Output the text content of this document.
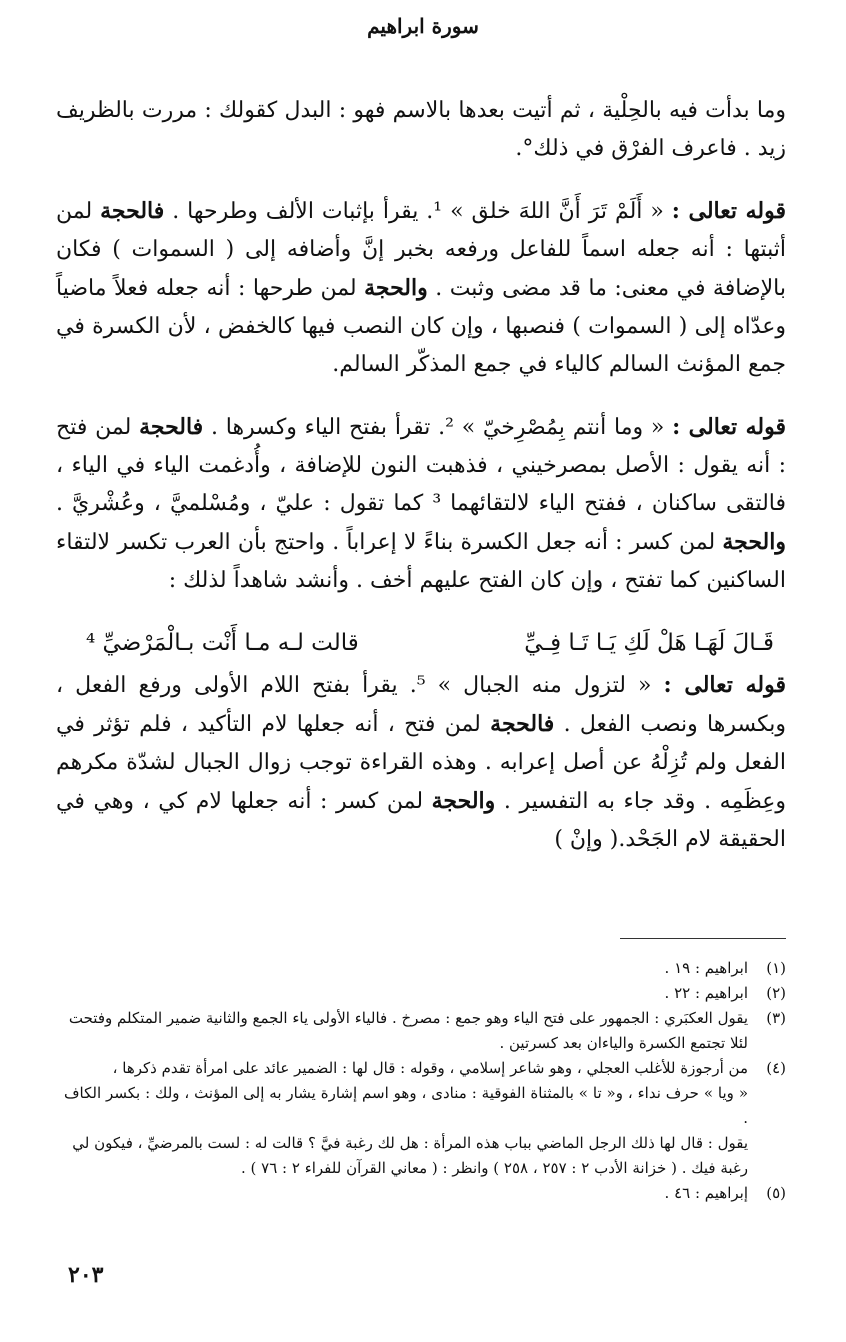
سورة ابراهيم

وما بدأت فيه بالحِلْية ، ثم أتيت بعدها بالاسم فهو : البدل كقولك : مررت بالظريف زيد . فاعرف الفرْق في ذلك°.

قوله تعالى : « أَلَمْ تَرَ أَنَّ اللهَ خلق » ¹. يقرأ بإثبات الألف وطرحها . فالحجة لمن أثبتها : أنه جعله اسماً للفاعل ورفعه بخبر إنَّ وأضافه إلى ( السموات ) فكان بالإضافة في معنى: ما قد مضى وثبت . والحجة لمن طرحها : أنه جعله فعلاً ماضياً وعدّاه إلى ( السموات ) فنصبها ، وإن كان النصب فيها كالخفض ، لأن الكسرة في جمع المؤنث السالم كالياء في جمع المذكّر السالم.

قوله تعالى : « وما أنتم بِمُصْرِخيّ » ². تقرأ بفتح الياء وكسرها . فالحجة لمن فتح : أنه يقول : الأصل بمصرخيني ، فذهبت النون للإضافة ، وأُدغمت الياء في الياء ، فالتقى ساكنان ، ففتح الياء لالتقائهما ³ كما تقول : عليّ ، ومُسْلميَّ ، وعُشْريَّ . والحجة لمن كسر : أنه جعل الكسرة بناءً لا إعراباً . واحتج بأن العرب تكسر لالتقاء الساكنين كما تفتح ، وإن كان الفتح عليهم أخف . وأنشد شاهداً لذلك :

قَـالَ لَهَـا هَلْ لَكِ يَـا تَـا فِـيِّ
قالت لـه مـا أَنْت بـالْمَرْضيِّ ⁴

قوله تعالى : « لتزول منه الجبال » ⁵. يقرأ بفتح اللام الأولى ورفع الفعل ، وبكسرها ونصب الفعل . فالحجة لمن فتح ، أنه جعلها لام التأكيد ، فلم تؤثر في الفعل ولم تُزِلْهُ عن أصل إعرابه . وهذه القراءة توجب زوال الجبال لشدّة مكرهم وعِظَمِه . وقد جاء به التفسير . والحجة لمن كسر : أنه جعلها لام كي ، وهي في الحقيقة لام الجَحْد.( وإنْ )

(١)
ابراهيم : ١٩ .
(٢)
ابراهيم : ٢٢ .
(٣)
يقول العكبَري : الجمهور على فتح الياء وهو جمع : مصرخ . فالياء الأولى ياء الجمع والثانية ضمير المتكلم وفتحت
لئلا تجتمع الكسرة والياءان بعد كسرتين .
(٤)
من أرجوزة للأغلب العجلي ، وهو شاعر إسلامي ، وقوله : قال لها : الضمير عائد على امرأة تقدم ذكرها ،
« ويا » حرف نداء ، و« تا » بالمثناة الفوقية : منادى ، وهو اسم إشارة يشار به إلى المؤنث ، ولك : بكسر الكاف .
يقول : قال لها ذلك الرجل الماضي بباب هذه المرأة : هل لك رغبة فيَّ ؟ قالت له : لست بالمرضيِّ ، فيكون لي
رغبة فيك . ( خزانة الأدب ٢ : ٢٥٧ ، ٢٥٨ ) وانظر : ( معاني القرآن للفراء ٢ : ٧٦ ) .
(٥)
إبراهيم : ٤٦ .
٢٠٣
